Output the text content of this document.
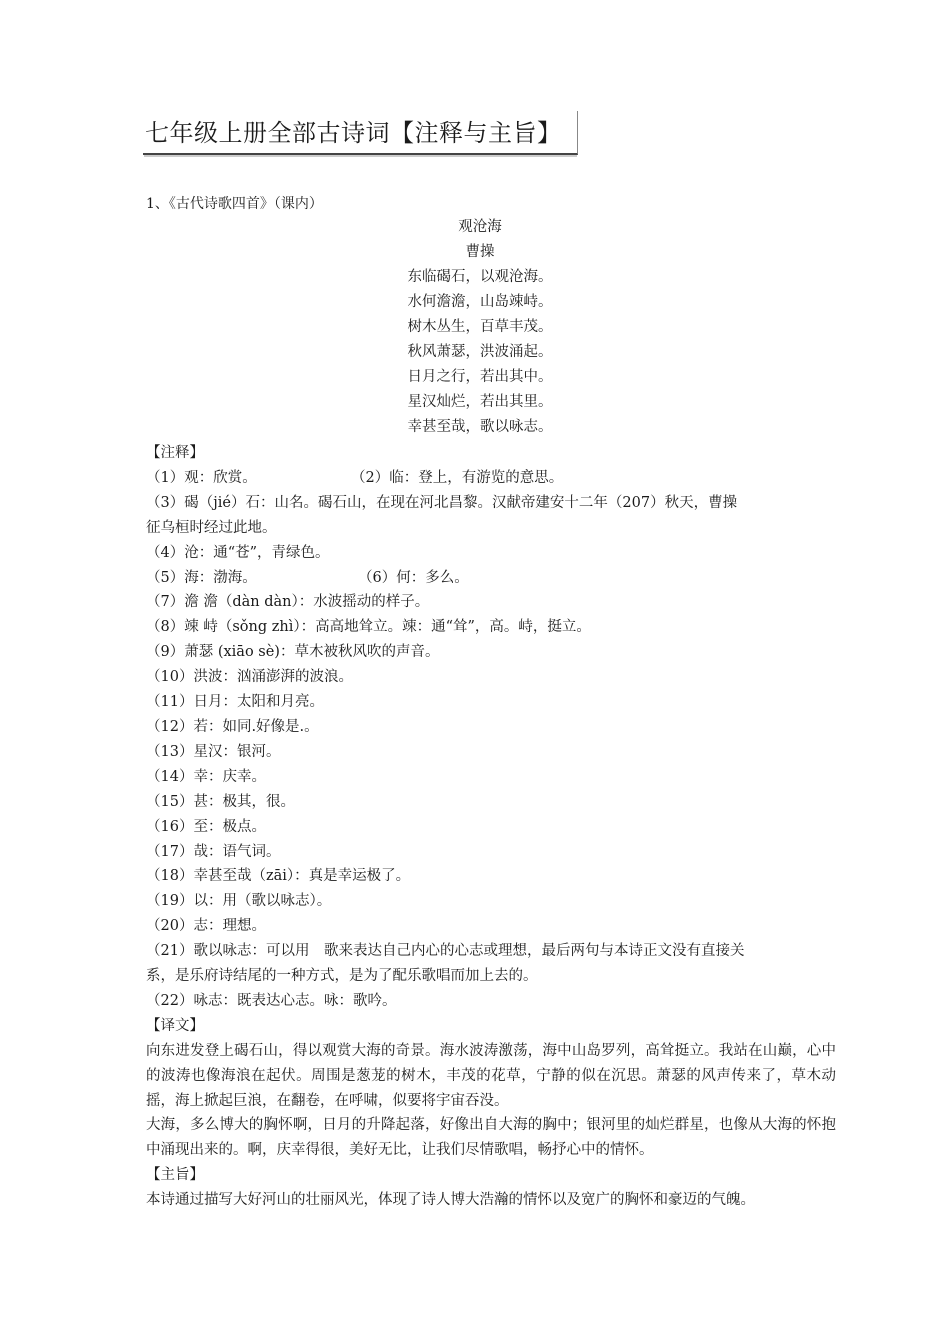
七年级上册全部古诗词【注释与主旨】
1、《古代诗歌四首》（课内）
观沧海
曹操
东临碣石，以观沧海。
水何澹澹，山岛竦峙。
树木丛生，百草丰茂。
秋风萧瑟，洪波涌起。
日月之行，若出其中。
星汉灿烂，若出其里。
幸甚至哉，歌以咏志。
【注释】
（1）观：欣赏。	（2）临：登上，有游览的意思。
（3）碣（jié）石：山名。碣石山，在现在河北昌黎。汉献帝建安十二年（207）秋天，曹操
征乌桓时经过此地。
（4）沧：通“苍”，青绿色。
（5）海：渤海。	（6）何：多么。
（7）澹 澹（dàn dàn）：水波摇动的样子。
（8）竦 峙（sǒng zhì）：高高地耸立。竦：通“耸”，高。峙，挺立。
（9）萧瑟 (xiāo sè)：草木被秋风吹的声音。
（10）洪波：汹涌澎湃的波浪。
（11）日月：太阳和月亮。
（12）若：如同.好像是.。
（13）星汉：银河。
（14）幸：庆幸。
（15）甚：极其，很。
（16）至：极点。
（17）哉：语气词。
（18）幸甚至哉（zāi）：真是幸运极了。
（19）以：用（歌以咏志）。
（20）志：理想。
（21）歌以咏志：可以用　歌来表达自己内心的心志或理想，最后两句与本诗正文没有直接关
系，是乐府诗结尾的一种方式，是为了配乐歌唱而加上去的。
（22）咏志：既表达心志。咏：歌吟。
【译文】
向东进发登上碣石山，得以观赏大海的奇景。海水波涛激荡，海中山岛罗列，高耸挺立。我站在山巅，心中的波涛也像海浪在起伏。周围是葱茏的树木，丰茂的花草，宁静的似在沉思。萧瑟的风声传来了，草木动摇，海上掀起巨浪，在翻卷，在呼啸，似要将宇宙吞没。
大海，多么博大的胸怀啊，日月的升降起落，好像出自大海的胸中；银河里的灿烂群星，也像从大海的怀抱中涌现出来的。啊，庆幸得很，美好无比，让我们尽情歌唱，畅抒心中的情怀。
【主旨】
本诗通过描写大好河山的壮丽风光，体现了诗人博大浩瀚的情怀以及宽广的胸怀和豪迈的气魄。
